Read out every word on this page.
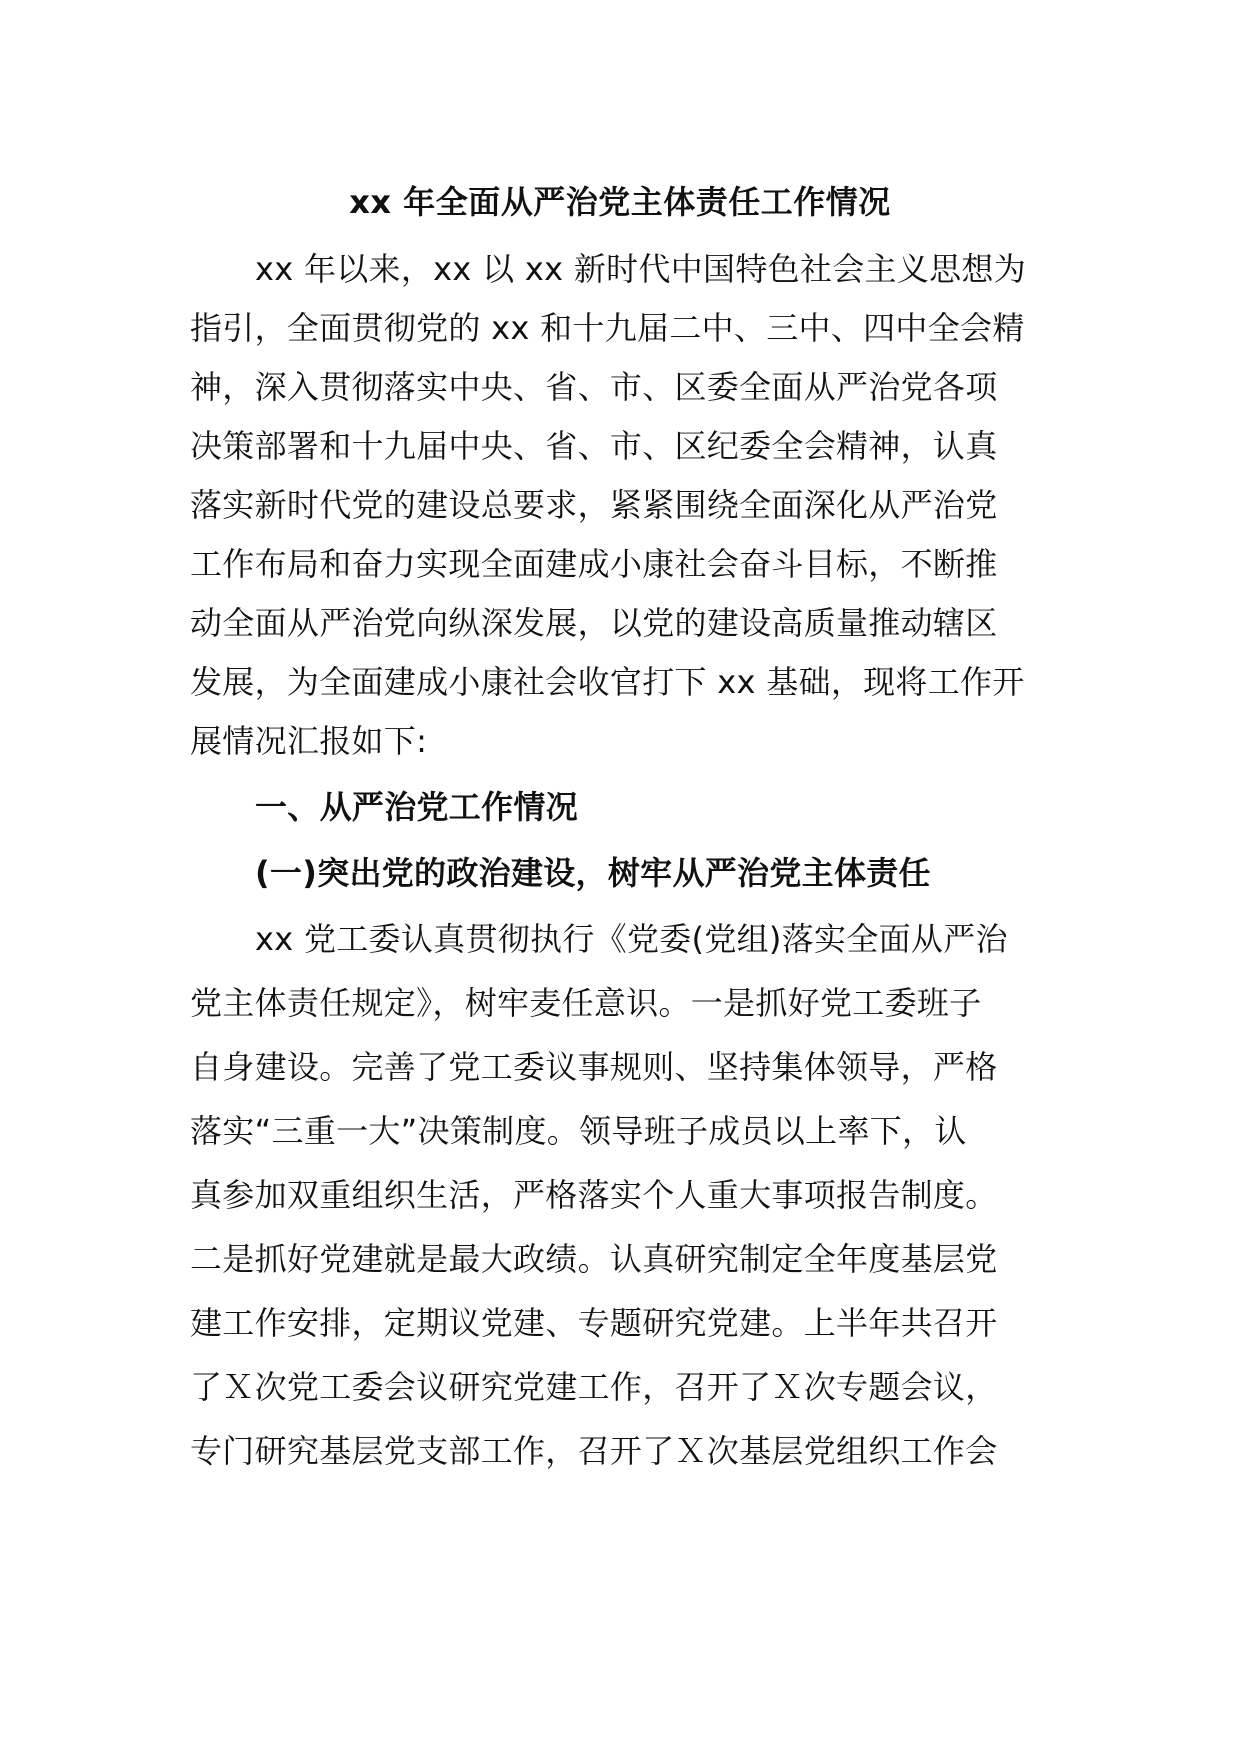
xx 年全面从严治党主体责任工作情况
xx 年以来，xx 以 xx 新时代中国特色社会主义思想为
指引，全面贯彻党的 xx 和十九届二中、三中、四中全会精
神，深入贯彻落实中央、省、市、区委全面从严治党各项
决策部署和十九届中央、省、市、区纪委全会精神，认真
落实新时代党的建设总要求，紧紧围绕全面深化从严治党
工作布局和奋力实现全面建成小康社会奋斗目标，不断推
动全面从严治党向纵深发展，以党的建设高质量推动辖区
发展，为全面建成小康社会收官打下 xx 基础，现将工作开
展情况汇报如下:
一、从严治党工作情况
(一)突出党的政治建设，树牢从严治党主体责任
xx 党工委认真贯彻执行《党委(党组)落实全面从严治
党主体责任规定》，树牢麦任意识。一是抓好党工委班子
自身建设。完善了党工委议事规则、坚持集体领导，严格
落实“三重一大”决策制度。领导班子成员以上率下，认
真参加双重组织生活，严格落实个人重大事项报告制度。
二是抓好党建就是最大政绩。认真研究制定全年度基层党
建工作安排，定期议党建、专题研究党建。上半年共召开
了Ｘ次党工委会议研究党建工作，召开了Ｘ次专题会议，
专门研究基层党支部工作，召开了Ｘ次基层党组织工作会
